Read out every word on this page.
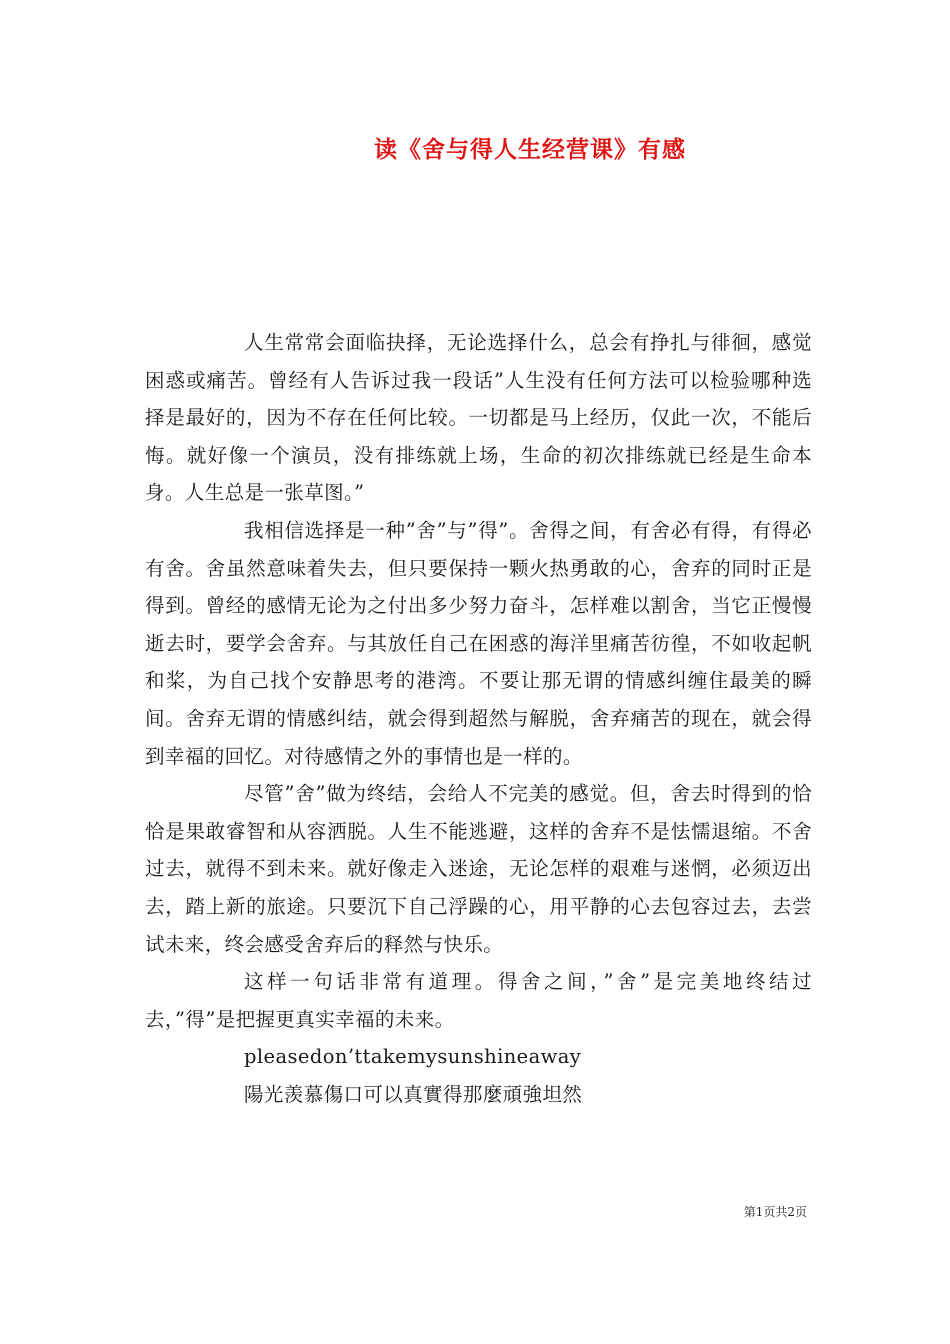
读《舍与得人生经营课》有感

人生常常会面临抉择，无论选择什么，总会有挣扎与徘徊，感觉困惑或痛苦。曾经有人告诉过我一段话”人生没有任何方法可以检验哪种选择是最好的，因为不存在任何比较。一切都是马上经历，仅此一次，不能后悔。就好像一个演员，没有排练就上场，生命的初次排练就已经是生命本身。人生总是一张草图。”

我相信选择是一种”舍”与”得”。舍得之间，有舍必有得，有得必有舍。舍虽然意味着失去，但只要保持一颗火热勇敢的心，舍弃的同时正是得到。曾经的感情无论为之付出多少努力奋斗，怎样难以割舍，当它正慢慢逝去时，要学会舍弃。与其放任自己在困惑的海洋里痛苦彷徨，不如收起帆和桨，为自己找个安静思考的港湾。不要让那无谓的情感纠缠住最美的瞬间。舍弃无谓的情感纠结，就会得到超然与解脱，舍弃痛苦的现在，就会得到幸福的回忆。对待感情之外的事情也是一样的。

尽管”舍”做为终结，会给人不完美的感觉。但，舍去时得到的恰恰是果敢睿智和从容洒脱。人生不能逃避，这样的舍弃不是怯懦退缩。不舍过去，就得不到未来。就好像走入迷途，无论怎样的艰难与迷惘，必须迈出去，踏上新的旅途。只要沉下自己浮躁的心，用平静的心去包容过去，去尝试未来，终会感受舍弃后的释然与快乐。

这样一句话非常有道理。得舍之间，”舍”是完美地终结过去，”得”是把握更真实幸福的未来。

pleasedon’ttakemysunshineaway

陽光羡慕傷口可以真實得那麼頑強坦然

第1页共2页
